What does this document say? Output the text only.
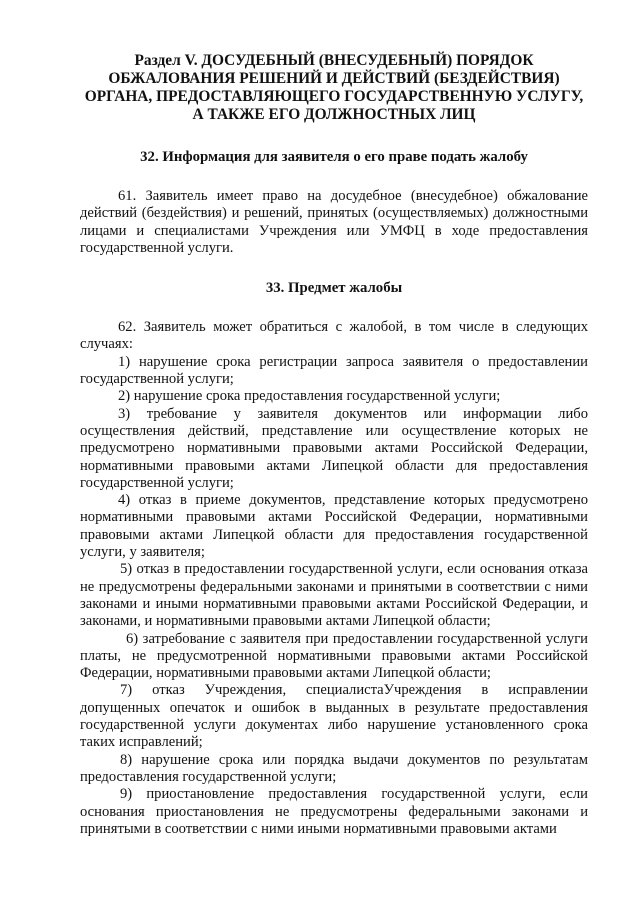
Раздел V. ДОСУДЕБНЫЙ (ВНЕСУДЕБНЫЙ) ПОРЯДОК

ОБЖАЛОВАНИЯ РЕШЕНИЙ И ДЕЙСТВИЙ (БЕЗДЕЙСТВИЯ)

ОРГАНА, ПРЕДОСТАВЛЯЮЩЕГО ГОСУДАРСТВЕННУЮ УСЛУГУ,

А ТАКЖЕ ЕГО ДОЛЖНОСТНЫХ ЛИЦ

32. Информация для заявителя о его праве подать жалобу

61. Заявитель имеет право на досудебное (внесудебное) обжалование действий (бездействия) и решений, принятых (осуществляемых) должностными лицами и специалистами Учреждения или УМФЦ в ходе предоставления государственной услуги.

33. Предмет жалобы

62. Заявитель может обратиться с жалобой, в том числе в следующих случаях:

1) нарушение срока регистрации запроса заявителя о предоставлении государственной услуги;

2) нарушение срока предоставления государственной услуги;

3) требование у заявителя документов или информации либо осуществления действий, представление или осуществление которых не предусмотрено нормативными правовыми актами Российской Федерации, нормативными правовыми актами Липецкой области для предоставления государственной услуги;

4) отказ в приеме документов, представление которых предусмотрено нормативными правовыми актами Российской Федерации, нормативными правовыми актами Липецкой области для предоставления государственной услуги, у заявителя;

5) отказ в предоставлении государственной услуги, если основания отказа не предусмотрены федеральными законами и принятыми в соответствии с ними законами и иными нормативными правовыми актами Российской Федерации, и законами, и нормативными правовыми актами Липецкой области;

6) затребование с заявителя при предоставлении государственной услуги платы, не предусмотренной нормативными правовыми актами Российской Федерации, нормативными правовыми актами Липецкой области;

7) отказ Учреждения, специалистаУчреждения в исправлении допущенных опечаток и ошибок в выданных в результате предоставления государственной услуги документах либо нарушение установленного срока таких исправлений;

8) нарушение срока или порядка выдачи документов по результатам предоставления государственной услуги;

9) приостановление предоставления государственной услуги, если основания приостановления не предусмотрены федеральными законами и принятыми в соответствии с ними иными нормативными правовыми актами
